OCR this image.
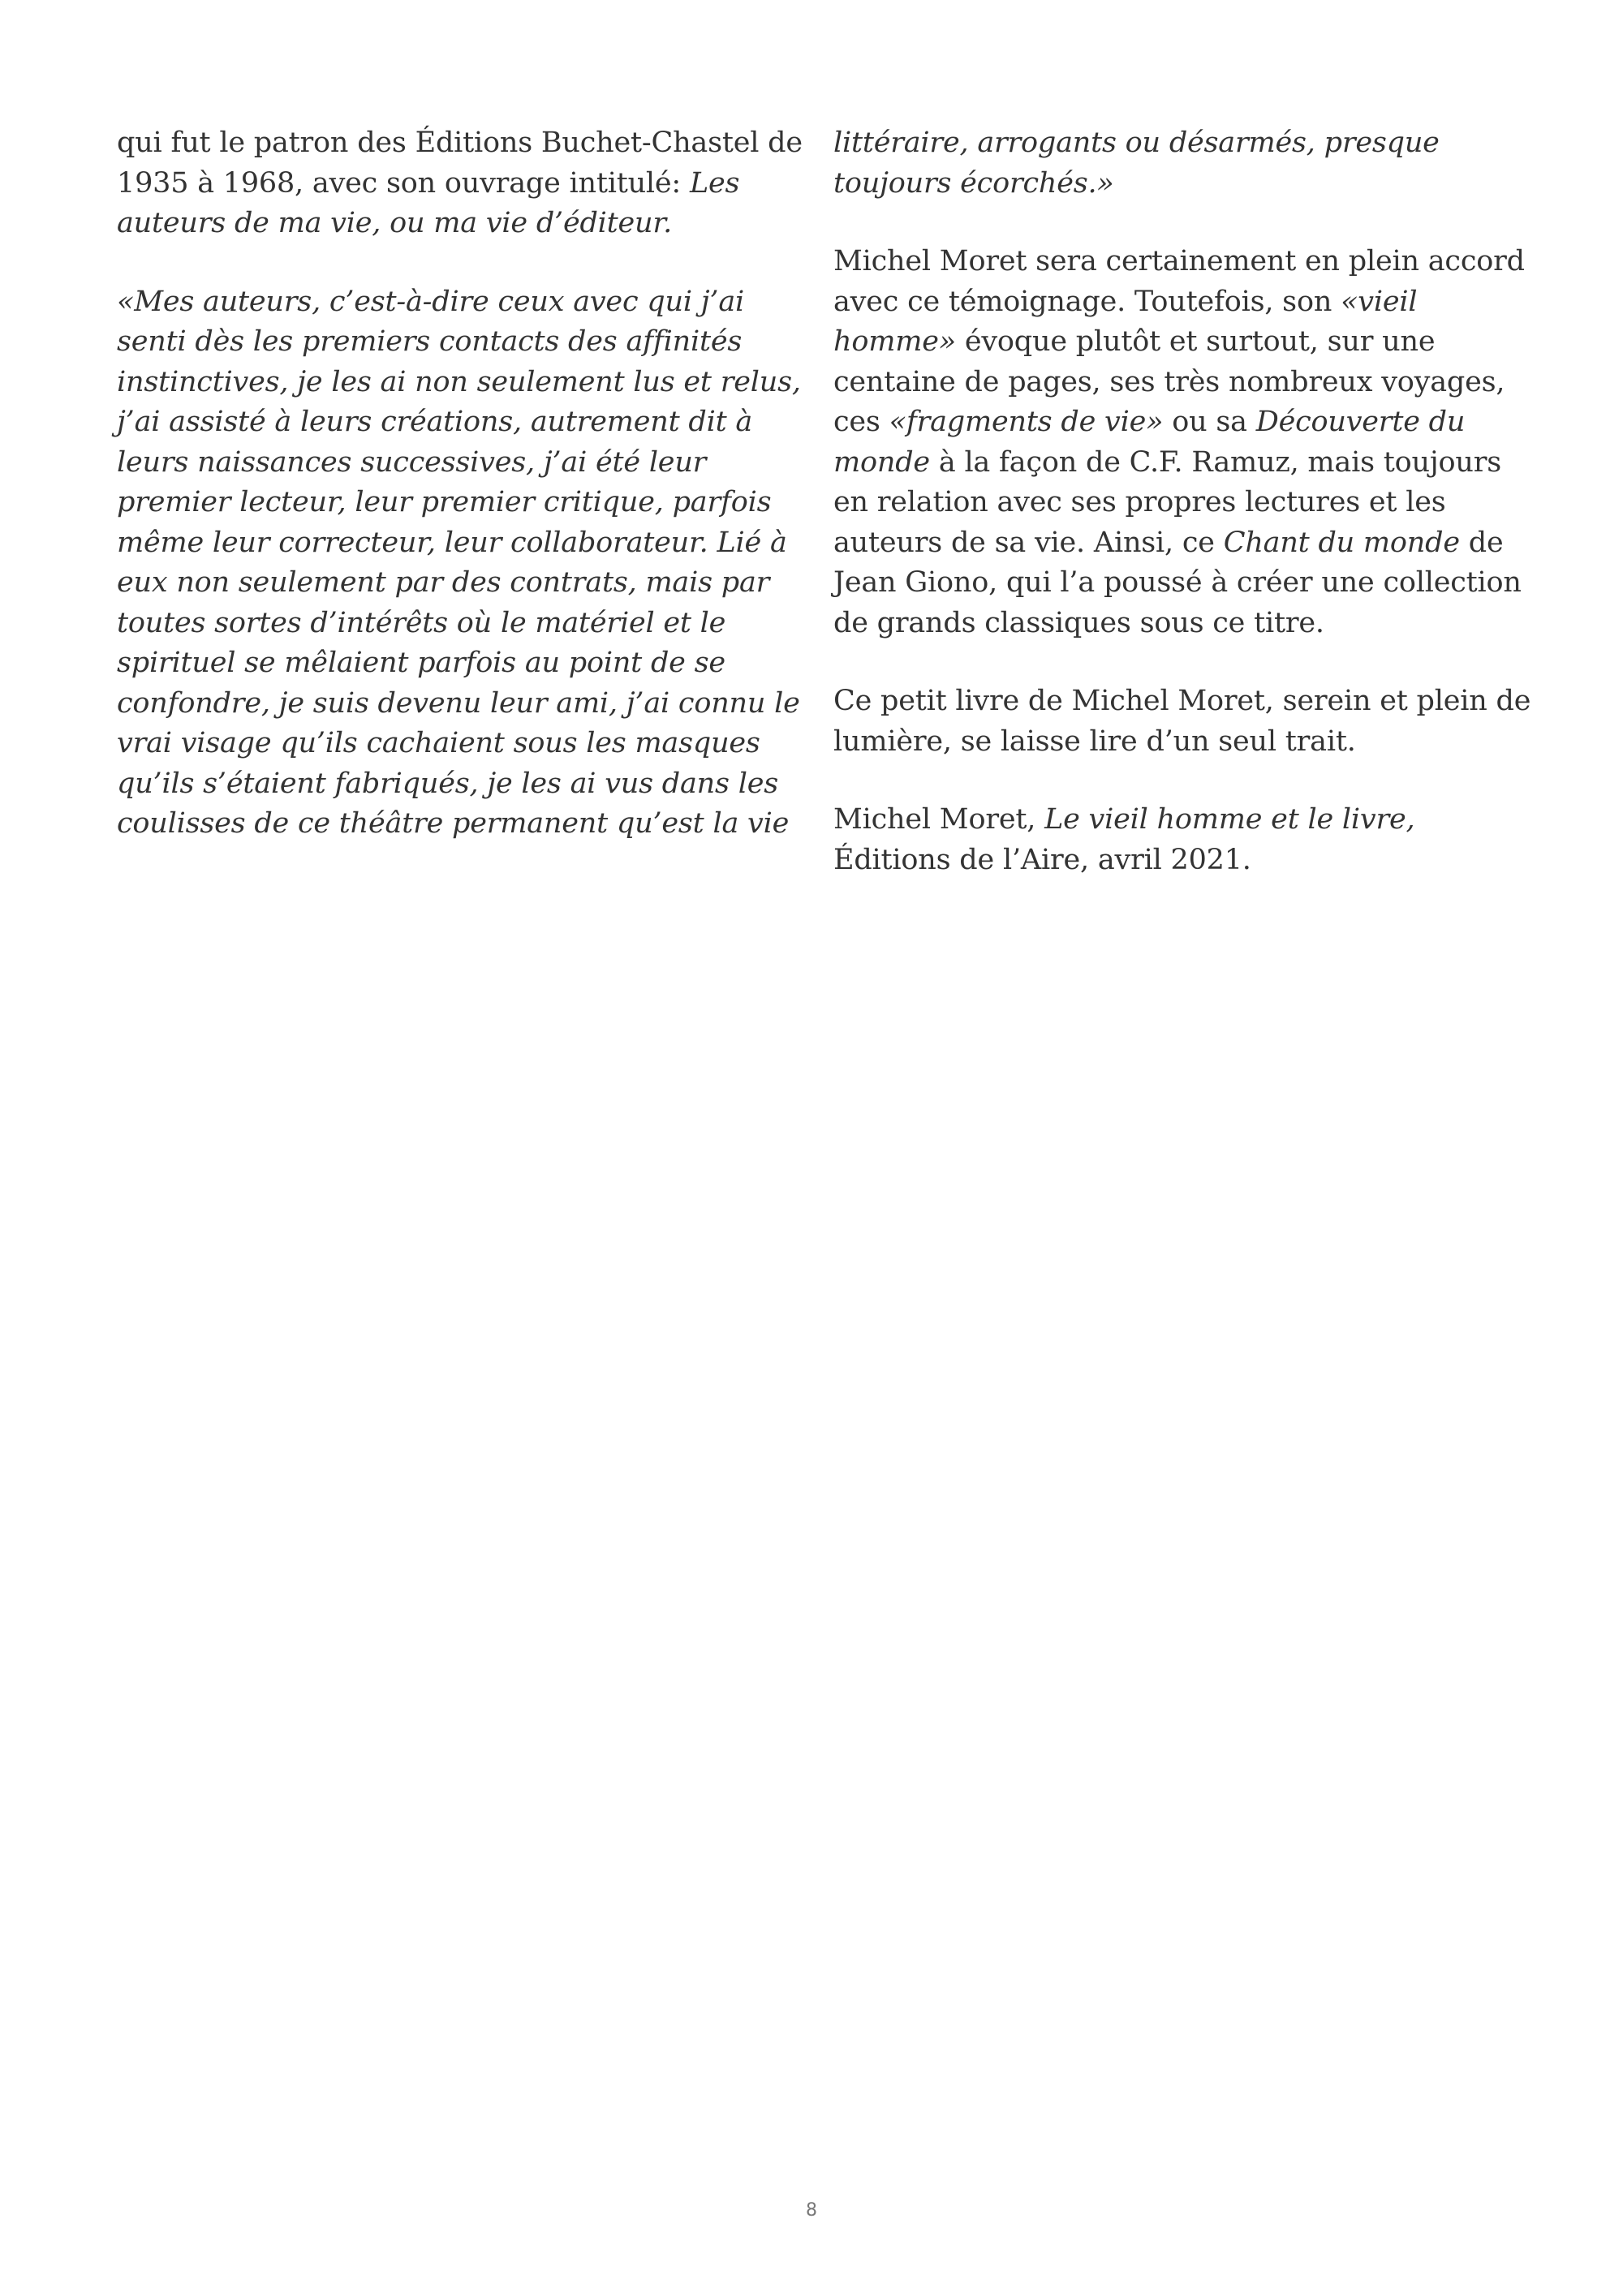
qui fut le patron des Éditions Buchet-Chastel de
1935 à 1968, avec son ouvrage intitulé: Les
auteurs de ma vie, ou ma vie d’éditeur.

«Mes auteurs, c’est-à-dire ceux avec qui j’ai
senti dès les premiers contacts des affinités
instinctives, je les ai non seulement lus et relus,
j’ai assisté à leurs créations, autrement dit à
leurs naissances successives, j’ai été leur
premier lecteur, leur premier critique, parfois
même leur correcteur, leur collaborateur. Lié à
eux non seulement par des contrats, mais par
toutes sortes d’intérêts où le matériel et le
spirituel se mêlaient parfois au point de se
confondre, je suis devenu leur ami, j’ai connu le
vrai visage qu’ils cachaient sous les masques
qu’ils s’étaient fabriqués, je les ai vus dans les
coulisses de ce théâtre permanent qu’est la vie

littéraire, arrogants ou désarmés, presque
toujours écorchés.»

Michel Moret sera certainement en plein accord
avec ce témoignage. Toutefois, son «vieil
homme» évoque plutôt et surtout, sur une
centaine de pages, ses très nombreux voyages,
ces «fragments de vie» ou sa Découverte du
monde à la façon de C.F. Ramuz, mais toujours
en relation avec ses propres lectures et les
auteurs de sa vie. Ainsi, ce Chant du monde de
Jean Giono, qui l’a poussé à créer une collection
de grands classiques sous ce titre.

Ce petit livre de Michel Moret, serein et plein de
lumière, se laisse lire d’un seul trait.

Michel Moret, Le vieil homme et le livre,
Éditions de l’Aire, avril 2021.

8
